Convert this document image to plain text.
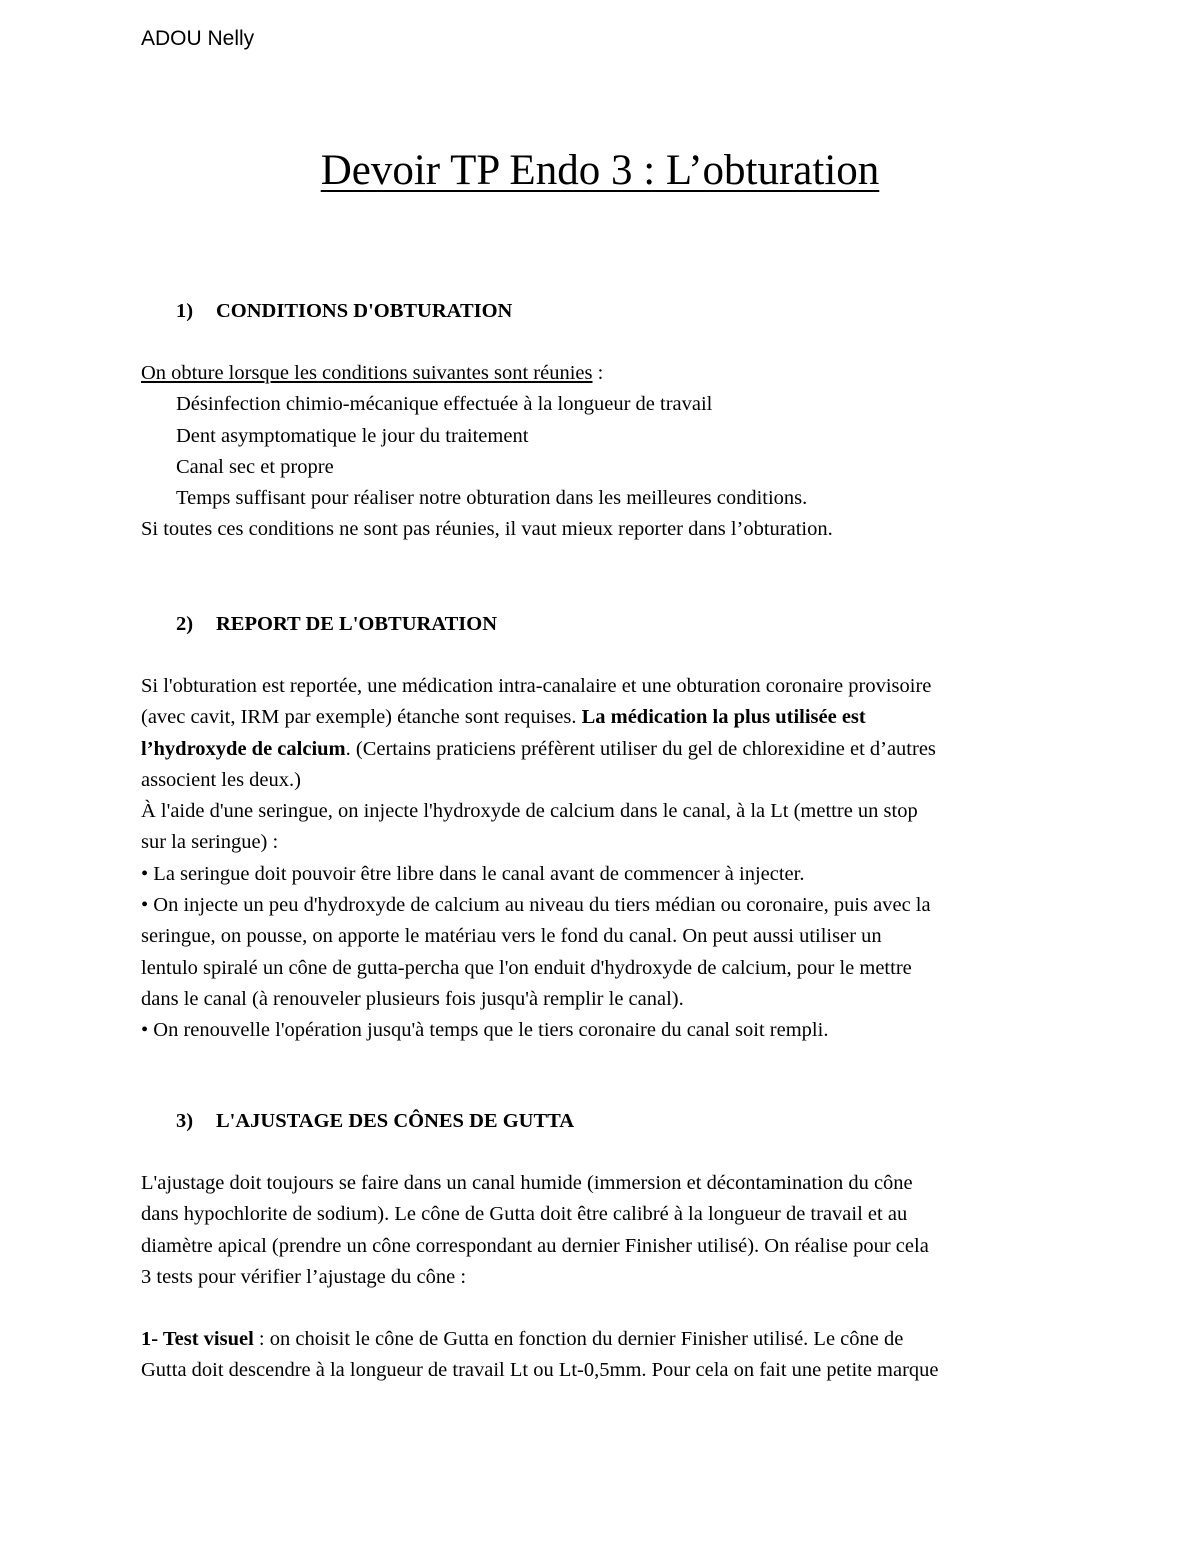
ADOU Nelly
Devoir TP Endo 3 : L’obturation
1) CONDITIONS D'OBTURATION
On obture lorsque les conditions suivantes sont réunies :
Désinfection chimio-mécanique effectuée à la longueur de travail
Dent asymptomatique le jour du traitement
Canal sec et propre
Temps suffisant pour réaliser notre obturation dans les meilleures conditions.
Si toutes ces conditions ne sont pas réunies, il vaut mieux reporter dans l’obturation.
2) REPORT DE L'OBTURATION
Si l'obturation est reportée, une médication intra-canalaire et une obturation coronaire provisoire
(avec cavit, IRM par exemple) étanche sont requises. La médication la plus utilisée est
l’hydroxyde de calcium. (Certains praticiens préfèrent utiliser du gel de chlorexidine et d’autres
associent les deux.)
À l'aide d'une seringue, on injecte l'hydroxyde de calcium dans le canal, à la Lt (mettre un stop
sur la seringue) :
• La seringue doit pouvoir être libre dans le canal avant de commencer à injecter.
• On injecte un peu d'hydroxyde de calcium au niveau du tiers médian ou coronaire, puis avec la
seringue, on pousse, on apporte le matériau vers le fond du canal. On peut aussi utiliser un
lentulo spiralé un cône de gutta-percha que l'on enduit d'hydroxyde de calcium, pour le mettre
dans le canal (à renouveler plusieurs fois jusqu'à remplir le canal).
• On renouvelle l'opération jusqu'à temps que le tiers coronaire du canal soit rempli.
3) L'AJUSTAGE DES CÔNES DE GUTTA
L'ajustage doit toujours se faire dans un canal humide (immersion et décontamination du cône
dans hypochlorite de sodium). Le cône de Gutta doit être calibré à la longueur de travail et au
diamètre apical (prendre un cône correspondant au dernier Finisher utilisé). On réalise pour cela
3 tests pour vérifier l’ajustage du cône :
1- Test visuel : on choisit le cône de Gutta en fonction du dernier Finisher utilisé. Le cône de
Gutta doit descendre à la longueur de travail Lt ou Lt-0,5mm. Pour cela on fait une petite marque
